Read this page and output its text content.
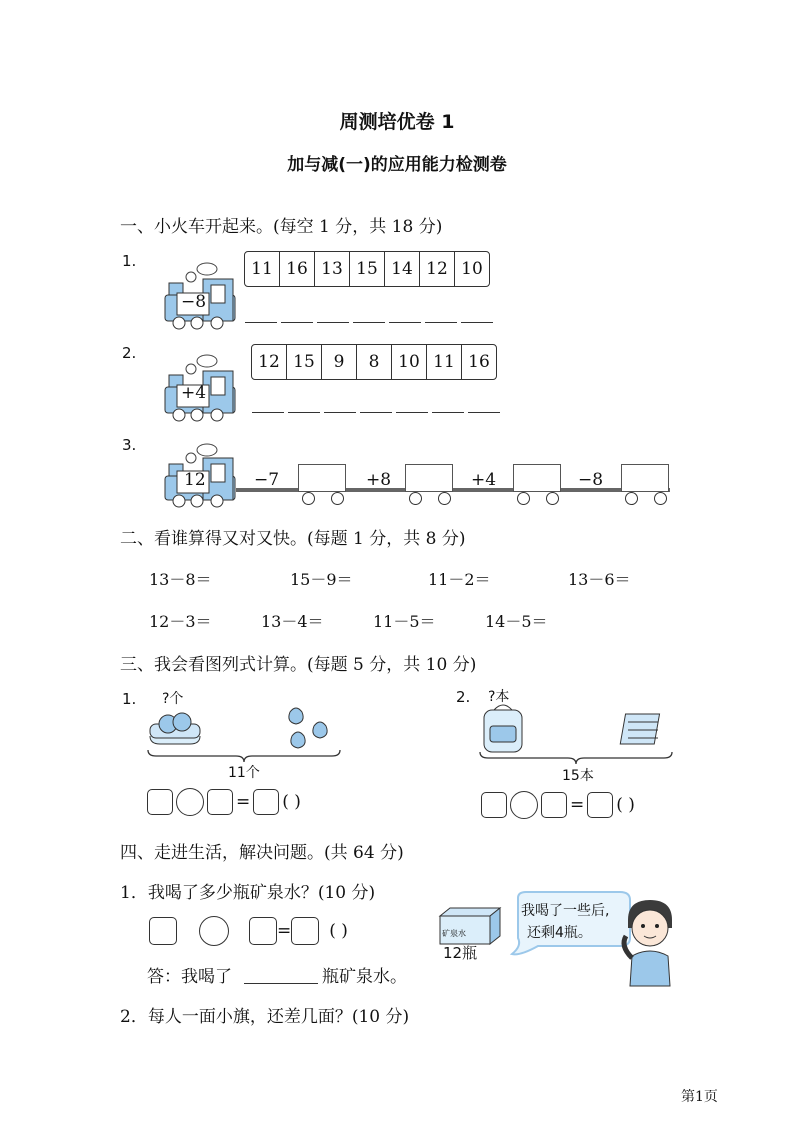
周测培优卷 1
加与减(一)的应用能力检测卷
一、小火车开起来。(每空 1 分，共 18 分)
1.
−8
11 16 13 15 14 12 10
2.
+4
12 15	9	8	10 11 16
3.
12	−7	+8	+4	−8
二、看谁算得又对又快。(每题 1 分，共 8 分)
13－8＝	15－9＝	11－2＝	13－6＝
12－3＝	13－4＝	11－5＝	14－5＝
三、我会看图列式计算。(每题 5 分，共 10 分)
1. ?个
11个
= ( )
2. ?本
15本
= ( )
四、走进生活，解决问题。(共 64 分)
1．我喝了多少瓶矿泉水？(10 分)
= ( )	矿泉水
12瓶
我喝了一些后,
还剩4瓶。
答：我喝了	瓶矿泉水。
2．每人一面小旗，还差几面？(10 分)
第1页
